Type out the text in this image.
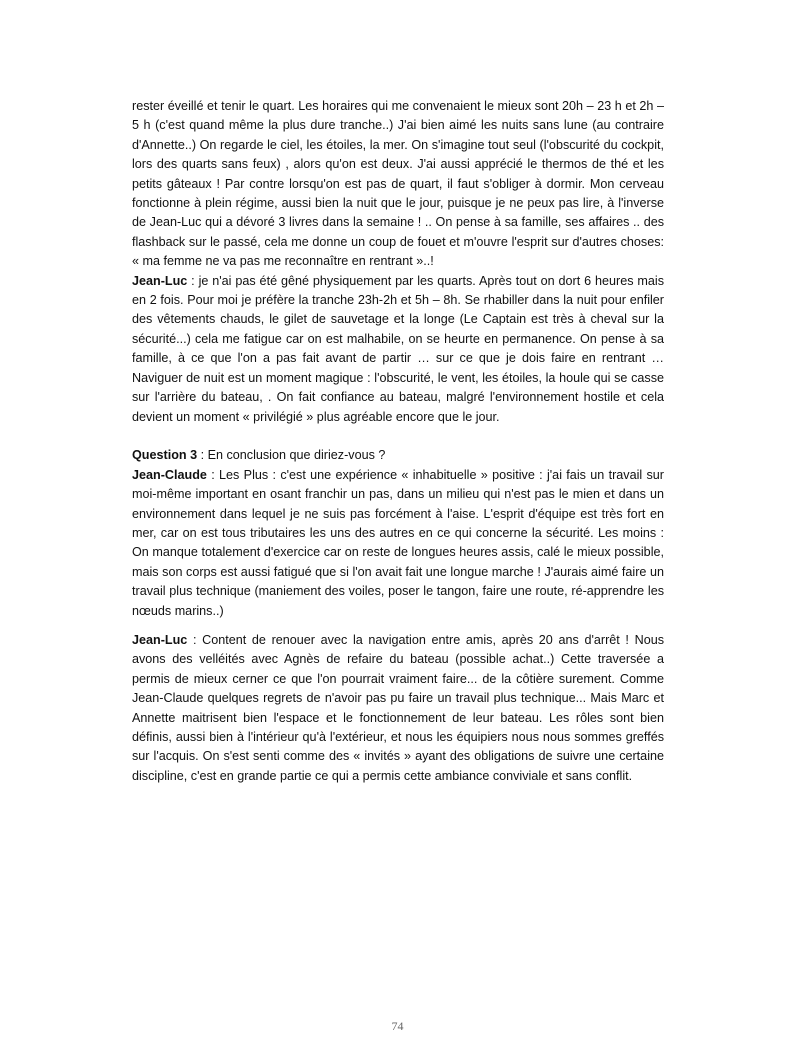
rester éveillé et tenir le quart. Les horaires qui me convenaient le mieux sont 20h – 23 h et 2h – 5 h (c'est quand même la plus dure tranche..) J'ai bien aimé les nuits sans lune (au contraire d'Annette..) On regarde le ciel, les étoiles, la mer. On s'imagine tout seul (l'obscurité du cockpit, lors des quarts sans feux) , alors qu'on est deux. J'ai aussi apprécié le thermos de thé et les petits gâteaux ! Par contre lorsqu'on est pas de quart, il faut s'obliger à dormir. Mon cerveau fonctionne à plein régime, aussi bien la nuit que le jour, puisque je ne peux pas lire, à l'inverse de Jean-Luc qui a dévoré 3 livres dans la semaine ! .. On pense à sa famille, ses affaires .. des flashback sur le passé, cela me donne un coup de fouet et m'ouvre l'esprit sur d'autres choses: « ma femme ne va pas me reconnaître en rentrant »..!

Jean-Luc : je n'ai pas été gêné physiquement par les quarts. Après tout on dort 6 heures mais en 2 fois. Pour moi je préfère la tranche 23h-2h et 5h – 8h. Se rhabiller dans la nuit pour enfiler des vêtements chauds, le gilet de sauvetage et la longe (Le Captain est très à cheval sur la sécurité...) cela me fatigue car on est malhabile, on se heurte en permanence. On pense à sa famille, à ce que l'on a pas fait avant de partir … sur ce que je dois faire en rentrant … Naviguer de nuit est un moment magique : l'obscurité, le vent, les étoiles, la houle qui se casse sur l'arrière du bateau, . On fait confiance au bateau, malgré l'environnement hostile et cela devient un moment « privilégié » plus agréable encore que le jour.

Question 3 : En conclusion que diriez-vous ?

Jean-Claude : Les Plus : c'est une expérience « inhabituelle » positive : j'ai fais un travail sur moi-même important en osant franchir un pas, dans un milieu qui n'est pas le mien et dans un environnement dans lequel je ne suis pas forcément à l'aise. L'esprit d'équipe est très fort en mer, car on est tous tributaires les uns des autres en ce qui concerne la sécurité. Les moins : On manque totalement d'exercice car on reste de longues heures assis, calé le mieux possible, mais son corps est aussi fatigué que si l'on avait fait une longue marche ! J'aurais aimé faire un travail plus technique (maniement des voiles, poser le tangon, faire une route, ré-apprendre les nœuds marins..)

Jean-Luc : Content de renouer avec la navigation entre amis, après 20 ans d'arrêt ! Nous avons des velléités avec Agnès de refaire du bateau (possible achat..) Cette traversée a permis de mieux cerner ce que l'on pourrait vraiment faire... de la côtière surement. Comme Jean-Claude quelques regrets de n'avoir pas pu faire un travail plus technique... Mais Marc et Annette maitrisent bien l'espace et le fonctionnement de leur bateau. Les rôles sont bien définis, aussi bien à l'intérieur qu'à l'extérieur, et nous les équipiers nous nous sommes greffés sur l'acquis. On s'est senti comme des « invités » ayant des obligations de suivre une certaine discipline, c'est en grande partie ce qui a permis cette ambiance conviviale et sans conflit.

74
